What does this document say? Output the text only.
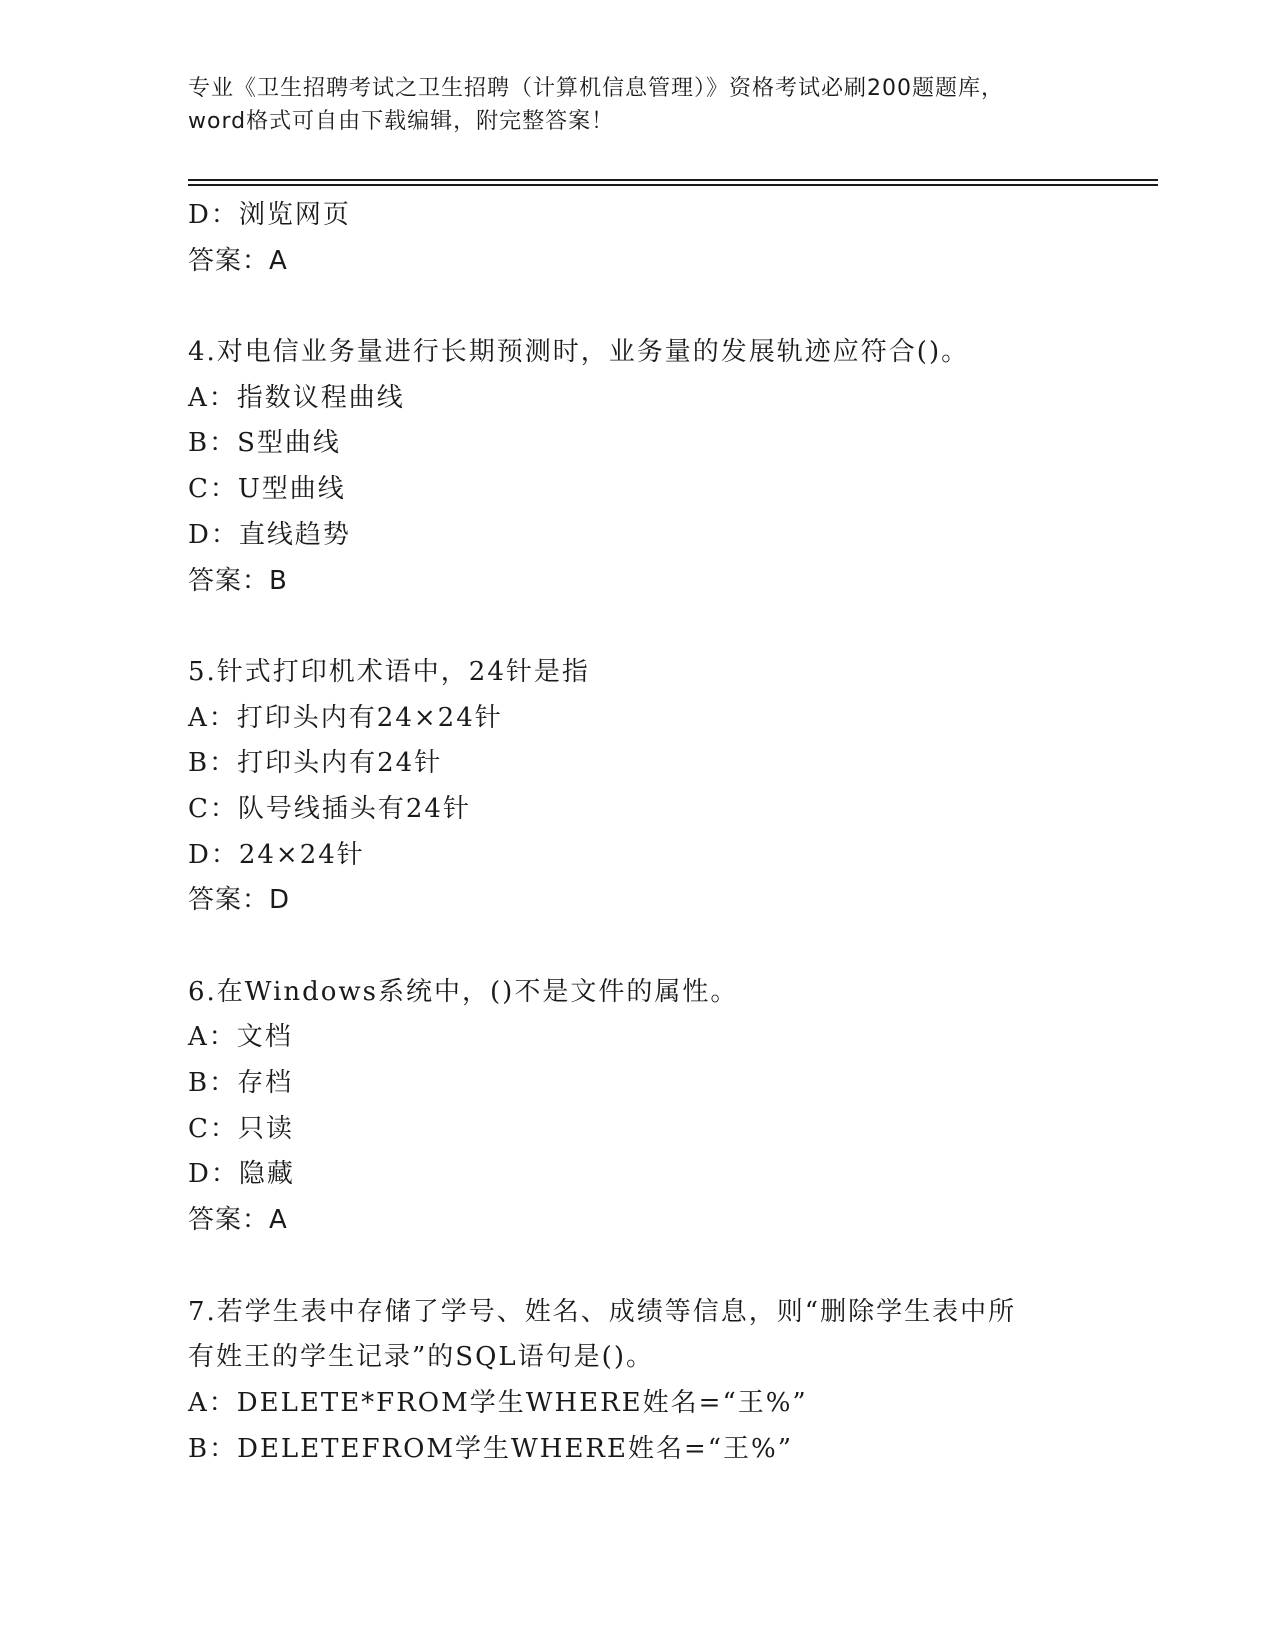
专业《卫生招聘考试之卫生招聘（计算机信息管理）》资格考试必刷200题题库，
word格式可自由下载编辑，附完整答案！
D：浏览网页
答案：A
4.对电信业务量进行长期预测时，业务量的发展轨迹应符合()。
A：指数议程曲线
B：S型曲线
C：U型曲线
D：直线趋势
答案：B
5.针式打印机术语中，24针是指
A：打印头内有24×24针
B：打印头内有24针
C：队号线插头有24针
D：24×24针
答案：D
6.在Windows系统中，()不是文件的属性。
A：文档
B：存档
C：只读
D：隐藏
答案：A
7.若学生表中存储了学号、姓名、成绩等信息，则“删除学生表中所
有姓王的学生记录”的SQL语句是()。
A：DELETE*FROM学生WHERE姓名=“王%”
B：DELETEFROM学生WHERE姓名=“王%”
